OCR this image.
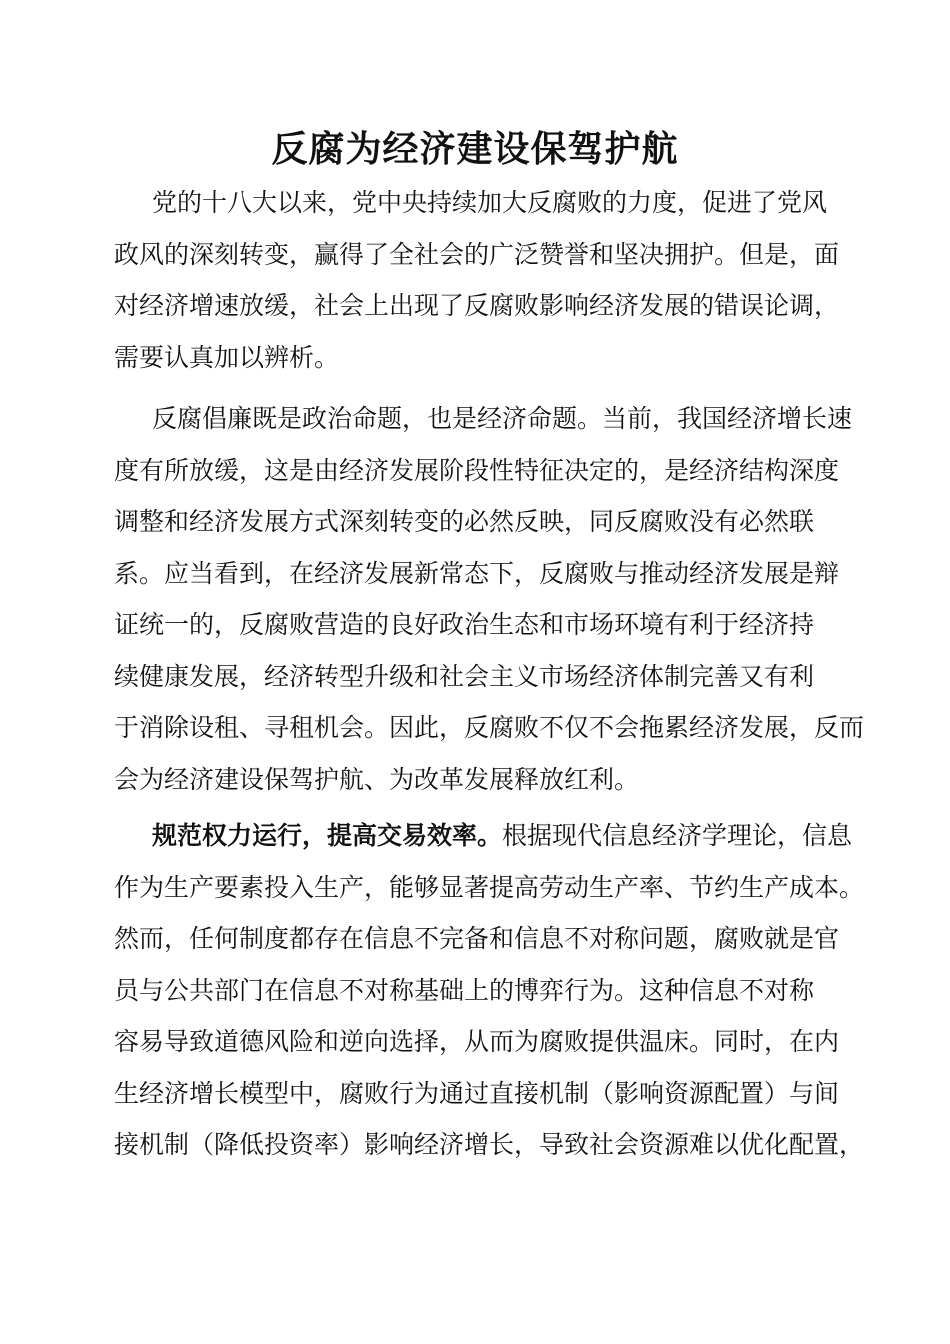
反腐为经济建设保驾护航
党的十八大以来，党中央持续加大反腐败的力度，促进了党风
政风的深刻转变，赢得了全社会的广泛赞誉和坚决拥护。但是，面
对经济增速放缓，社会上出现了反腐败影响经济发展的错误论调，
需要认真加以辨析。
反腐倡廉既是政治命题，也是经济命题。当前，我国经济增长速
度有所放缓，这是由经济发展阶段性特征决定的，是经济结构深度
调整和经济发展方式深刻转变的必然反映，同反腐败没有必然联
系。应当看到，在经济发展新常态下，反腐败与推动经济发展是辩
证统一的，反腐败营造的良好政治生态和市场环境有利于经济持
续健康发展，经济转型升级和社会主义市场经济体制完善又有利
于消除设租、寻租机会。因此，反腐败不仅不会拖累经济发展，反而
会为经济建设保驾护航、为改革发展释放红利。
规范权力运行，提高交易效率。根据现代信息经济学理论，信息
作为生产要素投入生产，能够显著提高劳动生产率、节约生产成本。
然而，任何制度都存在信息不完备和信息不对称问题，腐败就是官
员与公共部门在信息不对称基础上的博弈行为。这种信息不对称
容易导致道德风险和逆向选择，从而为腐败提供温床。同时，在内
生经济增长模型中，腐败行为通过直接机制（影响资源配置）与间
接机制（降低投资率）影响经济增长，导致社会资源难以优化配置，
